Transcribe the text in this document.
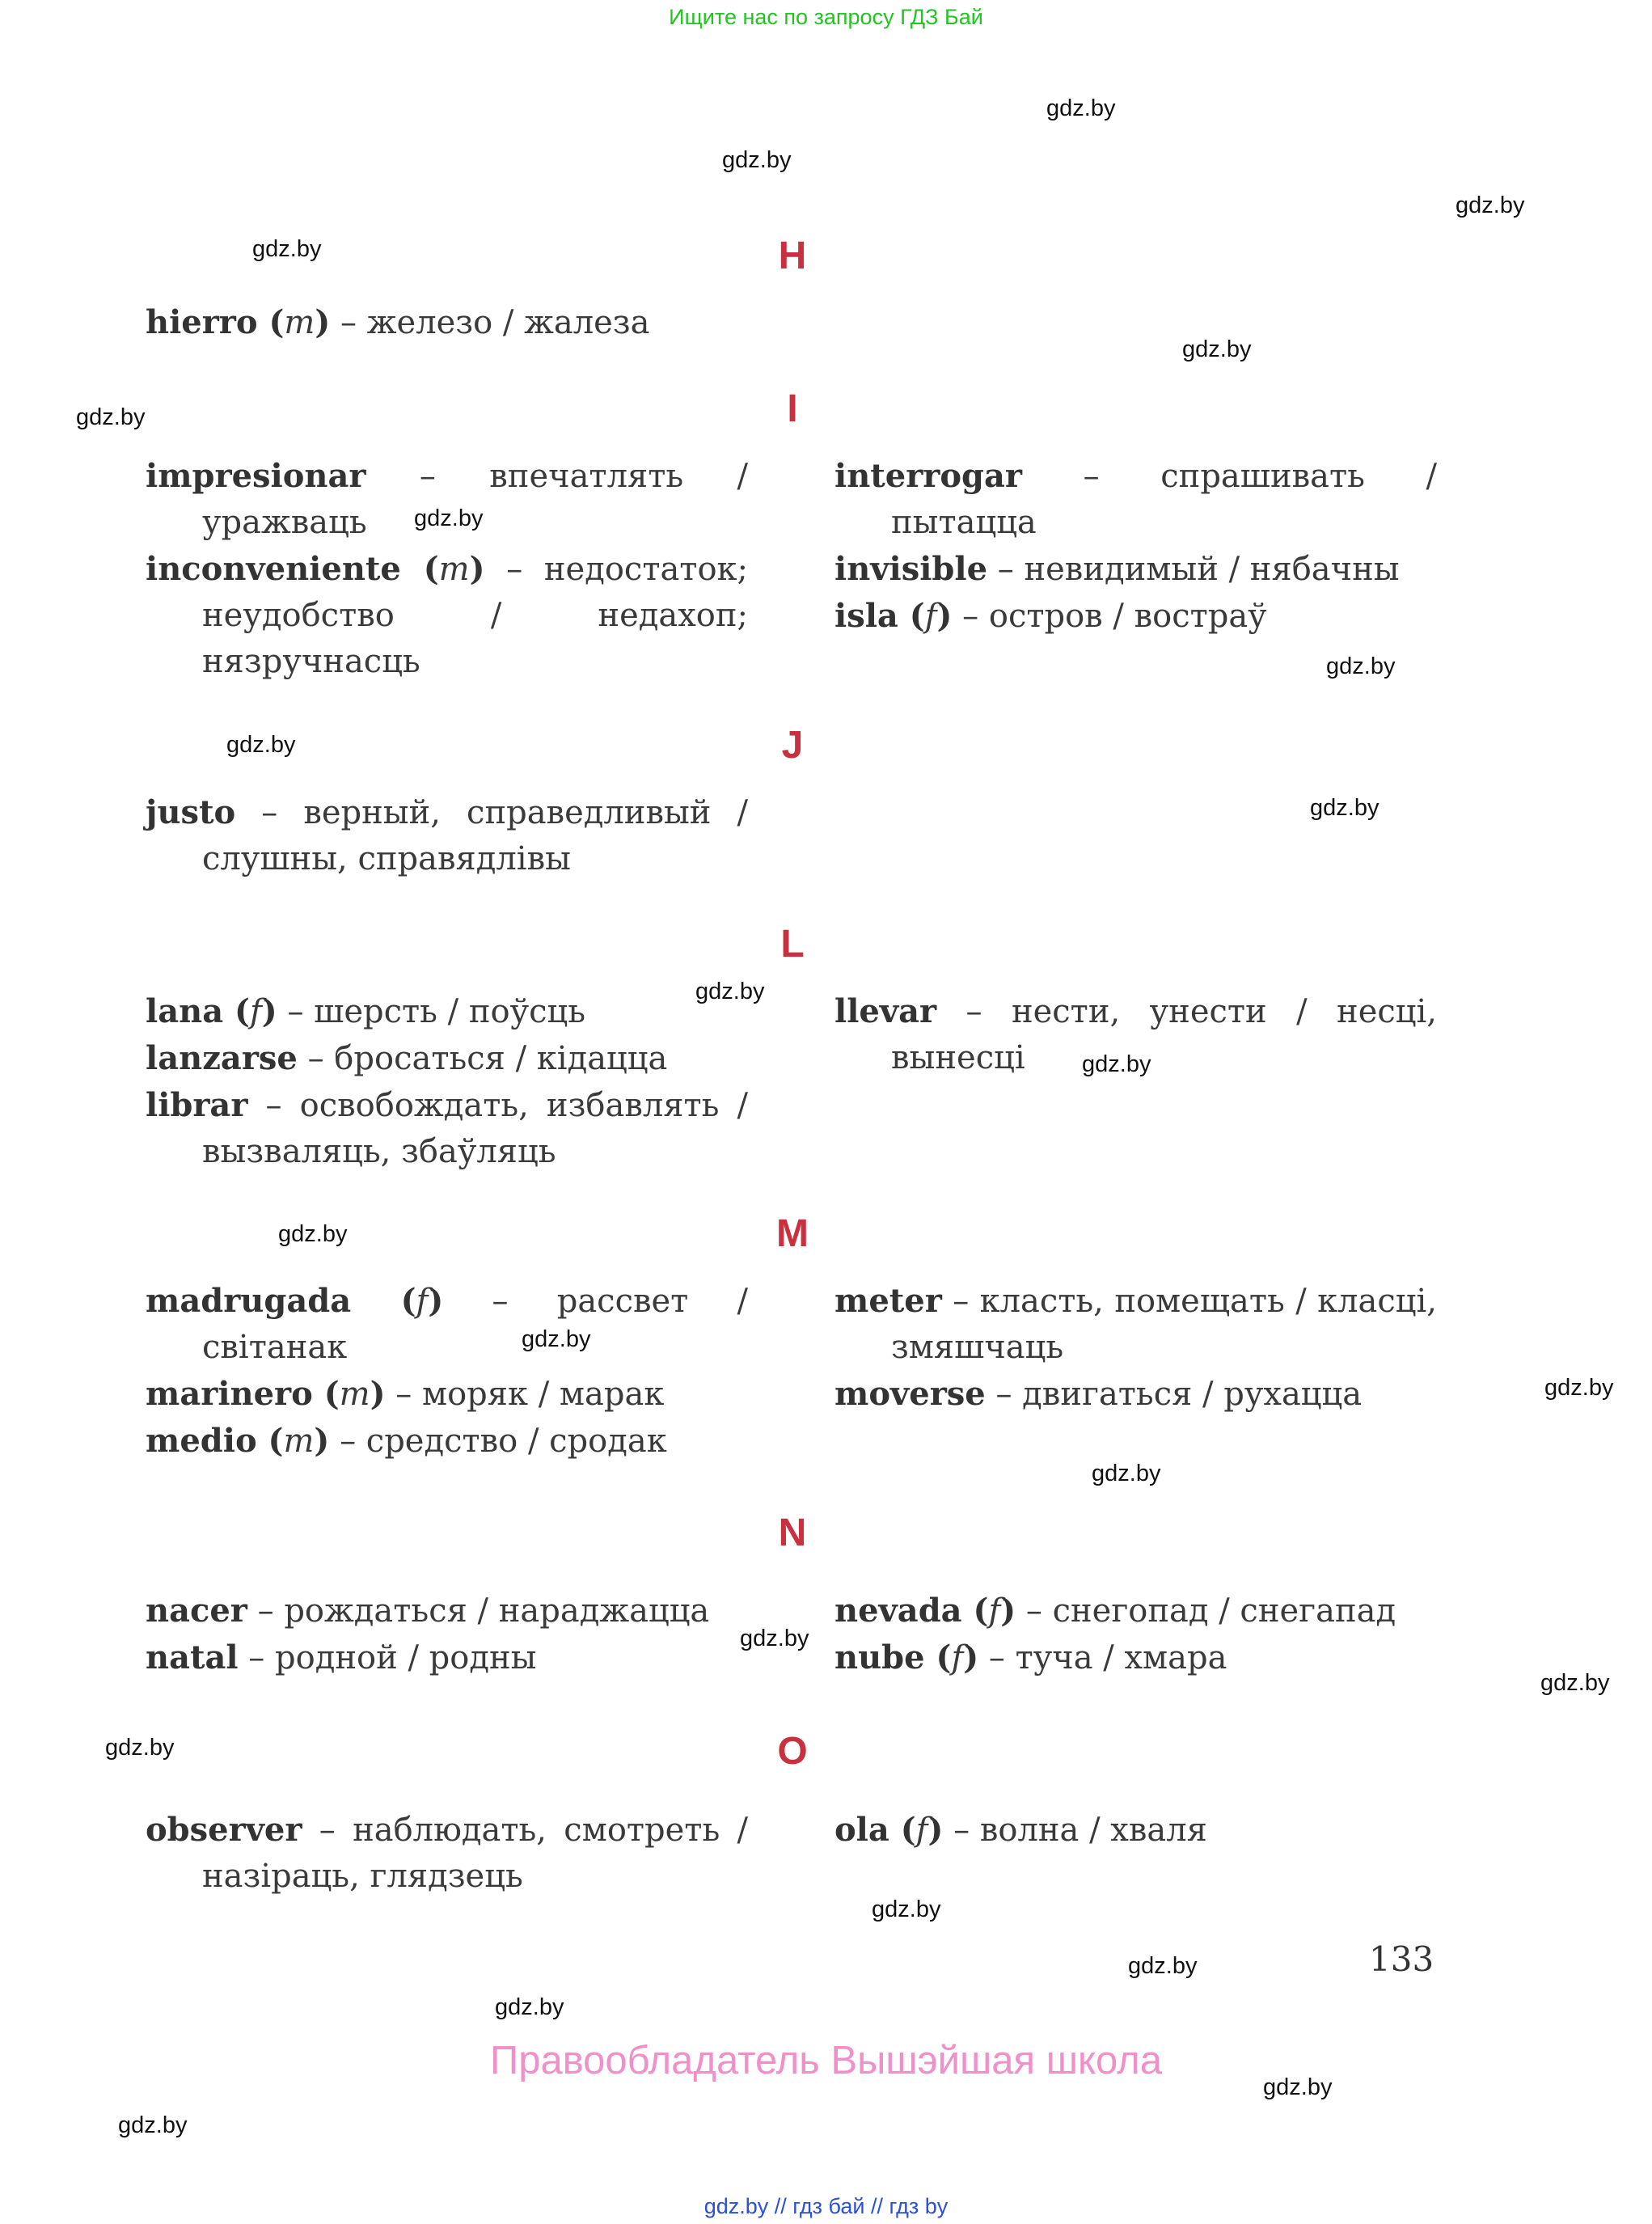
Ищите нас по запросу ГДЗ Бай
gdz.by
gdz.by
gdz.by
gdz.by
gdz.by
gdz.by
gdz.by
gdz.by
gdz.by
gdz.by
gdz.by
gdz.by
gdz.by
gdz.by
gdz.by
gdz.by
gdz.by
gdz.by
gdz.by
gdz.by
gdz.by
gdz.by
gdz.by
gdz.by
H
hierro (m) – железо / жалеза
I
impresionar – впечатлять / уражваць
inconveniente (m) – недостаток; неудобство / недахоп; нязручнасць
interrogar – спрашивать / пытацца
invisible – невидимый / нябачны
isla (f) – остров / востраў
J
justo – верный, справедливый / слушны, справядлівы
L
lana (f) – шерсть / поўсць
lanzarse – бросаться / кідацца
librar – освобождать, избавлять / вызваляць, збаўляць
llevar – нести, унести / несці, вынесці
M
madrugada (f) – рассвет / світанак
marinero (m) – моряк / марак
medio (m) – средство / сродак
meter – класть, помещать / класці, змяшчаць
moverse – двигаться / рухацца
N
nacer – рождаться / нараджацца
natal – родной / родны
nevada (f) – снегопад / снегапад
nube (f) – туча / хмара
O
observer – наблюдать, смотреть / назіраць, глядзець
ola (f) – волна / хваля
133
Правообладатель Вышэйшая школа
gdz.by // гдз бай // гдз by
